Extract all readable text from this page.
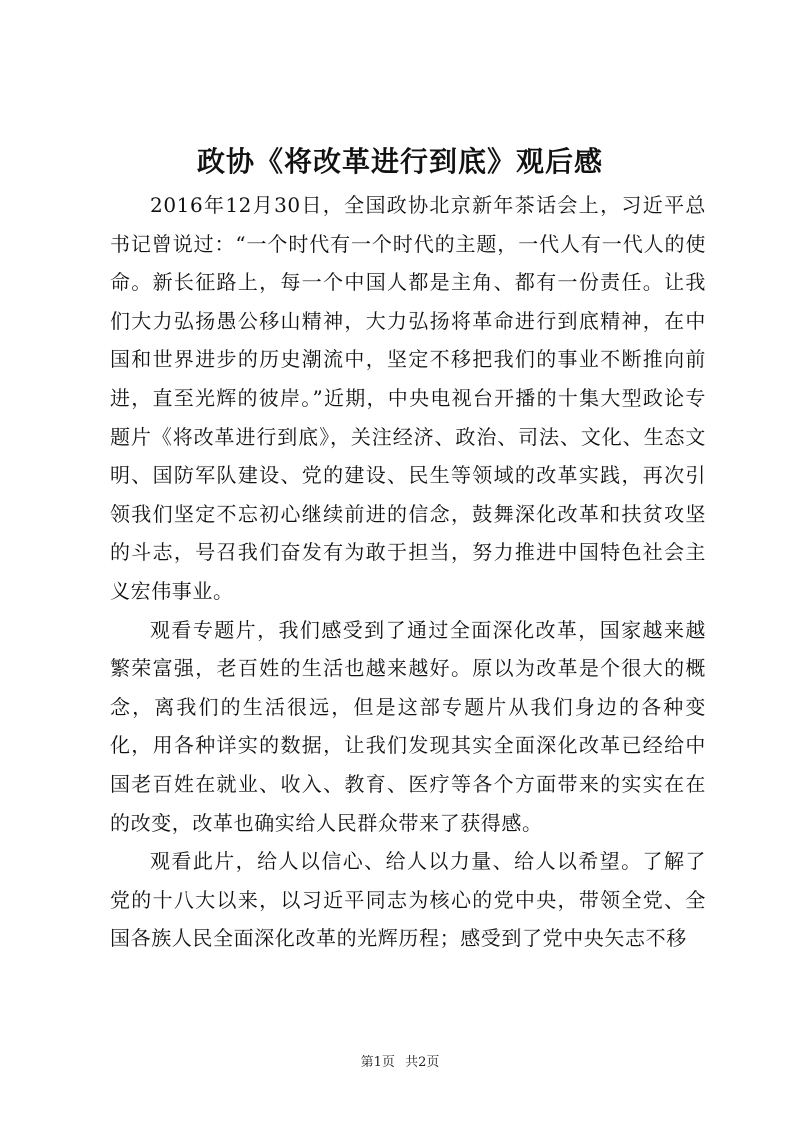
政协《将改革进行到底》观后感

2016年12月30日，全国政协北京新年茶话会上，习近平总书记曾说过：“一个时代有一个时代的主题，一代人有一代人的使命。新长征路上，每一个中国人都是主角、都有一份责任。让我们大力弘扬愚公移山精神，大力弘扬将革命进行到底精神，在中国和世界进步的历史潮流中，坚定不移把我们的事业不断推向前进，直至光辉的彼岸。”近期，中央电视台开播的十集大型政论专题片《将改革进行到底》，关注经济、政治、司法、文化、生态文明、国防军队建设、党的建设、民生等领域的改革实践，再次引领我们坚定不忘初心继续前进的信念，鼓舞深化改革和扶贫攻坚的斗志，号召我们奋发有为敢于担当，努力推进中国特色社会主义宏伟事业。

观看专题片，我们感受到了通过全面深化改革，国家越来越繁荣富强，老百姓的生活也越来越好。原以为改革是个很大的概念，离我们的生活很远，但是这部专题片从我们身边的各种变化，用各种详实的数据，让我们发现其实全面深化改革已经给中国老百姓在就业、收入、教育、医疗等各个方面带来的实实在在的改变，改革也确实给人民群众带来了获得感。

观看此片，给人以信心、给人以力量、给人以希望。了解了党的十八大以来，以习近平同志为核心的党中央，带领全党、全国各族人民全面深化改革的光辉历程；感受到了党中央矢志不移

第1页 共2页
